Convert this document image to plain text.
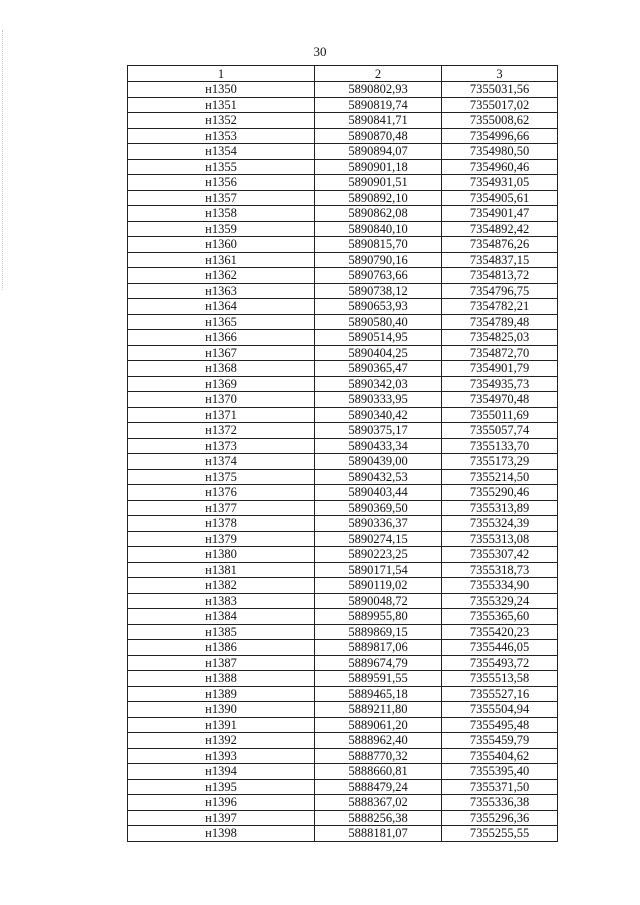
30
1	2	3
н1350	5890802,93	7355031,56
н1351	5890819,74	7355017,02
н1352	5890841,71	7355008,62
н1353	5890870,48	7354996,66
н1354	5890894,07	7354980,50
н1355	5890901,18	7354960,46
н1356	5890901,51	7354931,05
н1357	5890892,10	7354905,61
н1358	5890862,08	7354901,47
н1359	5890840,10	7354892,42
н1360	5890815,70	7354876,26
н1361	5890790,16	7354837,15
н1362	5890763,66	7354813,72
н1363	5890738,12	7354796,75
н1364	5890653,93	7354782,21
н1365	5890580,40	7354789,48
н1366	5890514,95	7354825,03
н1367	5890404,25	7354872,70
н1368	5890365,47	7354901,79
н1369	5890342,03	7354935,73
н1370	5890333,95	7354970,48
н1371	5890340,42	7355011,69
н1372	5890375,17	7355057,74
н1373	5890433,34	7355133,70
н1374	5890439,00	7355173,29
н1375	5890432,53	7355214,50
н1376	5890403,44	7355290,46
н1377	5890369,50	7355313,89
н1378	5890336,37	7355324,39
н1379	5890274,15	7355313,08
н1380	5890223,25	7355307,42
н1381	5890171,54	7355318,73
н1382	5890119,02	7355334,90
н1383	5890048,72	7355329,24
н1384	5889955,80	7355365,60
н1385	5889869,15	7355420,23
н1386	5889817,06	7355446,05
н1387	5889674,79	7355493,72
н1388	5889591,55	7355513,58
н1389	5889465,18	7355527,16
н1390	5889211,80	7355504,94
н1391	5889061,20	7355495,48
н1392	5888962,40	7355459,79
н1393	5888770,32	7355404,62
н1394	5888660,81	7355395,40
н1395	5888479,24	7355371,50
н1396	5888367,02	7355336,38
н1397	5888256,38	7355296,36
н1398	5888181,07	7355255,55
